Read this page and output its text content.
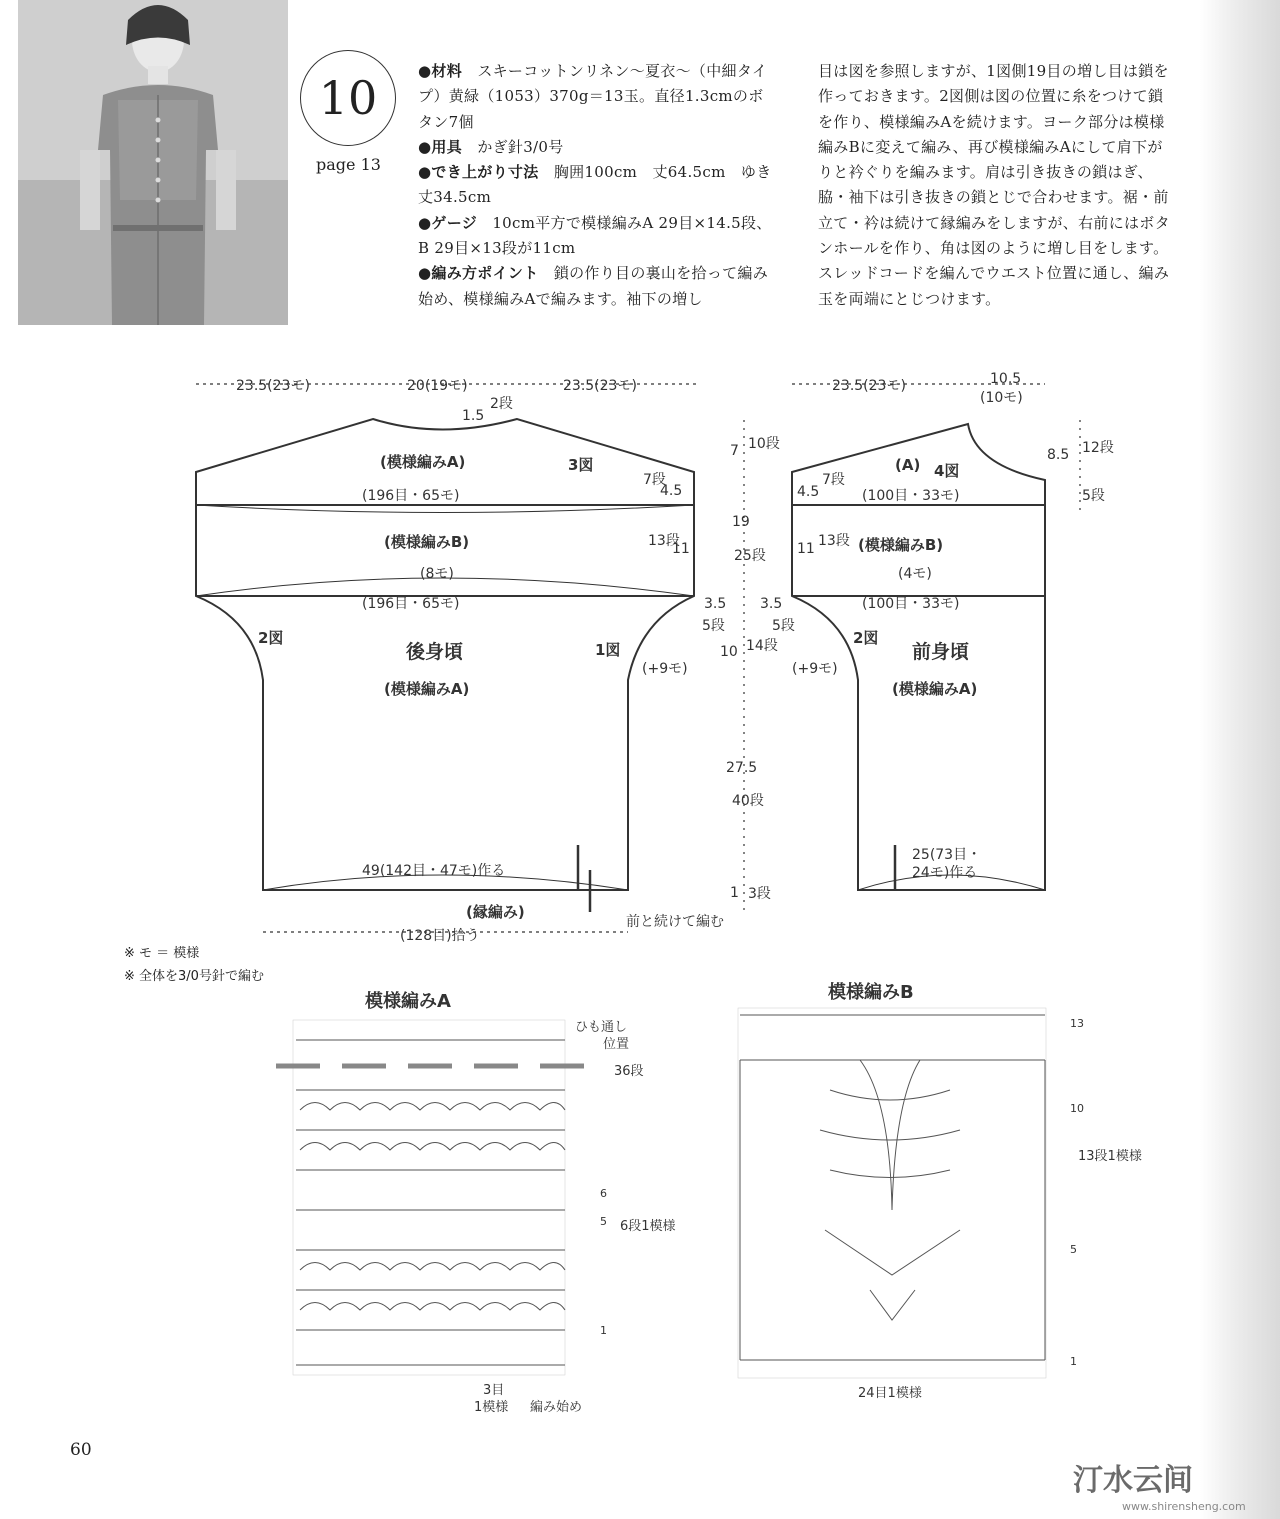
10
page 13
●材料　 スキーコットンリネン～夏衣～（中細タイプ）黄緑（1053）370g＝13玉。直径1.3cmのボタン7個
●用具　 かぎ針3/0号
●でき上がり寸法　 胸囲100cm　丈64.5cm　ゆき丈34.5cm
●ゲージ　 10cm平方で模様編みA 29目×14.5段、B 29目×13段が11cm
●編み方ポイント　 鎖の作り目の裏山を拾って編み始め、模様編みAで編みます。袖下の増し
目は図を参照しますが、1図側19目の増し目は鎖を作っておきます。2図側は図の位置に糸をつけて鎖を作り、模様編みAを続けます。ヨーク部分は模様編みBに変えて編み、再び模様編みAにして肩下がりと衿ぐりを編みます。肩は引き抜きの鎖はぎ、脇・袖下は引き抜きの鎖とじで合わせます。裾・前立て・衿は続けて縁編みをしますが、右前にはボタンホールを作り、角は図のように増し目をします。スレッドコードを編んでウエスト位置に通し、編み玉を両端にとじつけます。
23.5(23モ)	20(19モ)	23.5(23モ)
2段
1.5
(模様編みA)	3図
(196目・65モ)
7段
4.5
(模様編みB)	13段
11
(8モ)
(196目・65モ)	3.5
5段
2図
後身頃	1図
(+9モ)
(模様編みA)
49(142目・47モ)作る
(縁編み)
前と続けて編む
(128目)拾う
7 10段
19
25段
10 14段
27.5
40段
1 3段
23.5(23モ)	10.5
(10モ)
8.5 12段
5段
(A) 4図
4.5
7段
(100目・33モ)
11 13段 (模様編みB)
(4モ)
(100目・33モ)
3.5
5段
2図
(+9モ)
前身頃
(模様編みA)
25(73目・
24モ)作る
模様編みA
ひも通し
位置
36段
6
5
1
6段1模様
3目
1模様 編み始め
模様編みB
13
10
5
1
13段1模様
24目1模様
※ モ ＝ 模様
※ 全体を3/0号針で編む
60
汀水云间
www.shirensheng.com
